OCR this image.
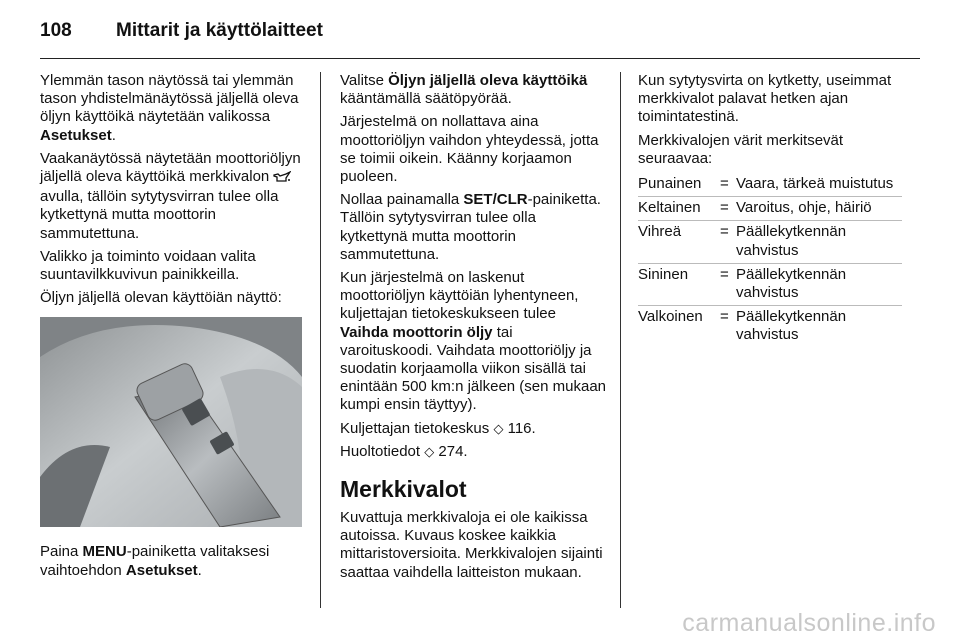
108 Mittarit ja käyttölaitteet

Ylemmän tason näytössä tai ylemmän tason yhdistelmänäytössä jäljellä oleva öljyn käyttöikä näytetään valikossa Asetukset.

Vaakanäytössä näytetään moottoriöljyn jäljellä oleva käyttöikä merkkivalon  avulla, tällöin sytytysvirran tulee olla kytkettynä mutta moottorin sammutettuna.

Valikko ja toiminto voidaan valita suuntavilkkuvivun painikkeilla.

Öljyn jäljellä olevan käyttöiän näyttö:

Paina MENU-painiketta valitaksesi vaihtoehdon Asetukset.

Valitse Öljyn jäljellä oleva käyttöikä kääntämällä säätöpyörää.

Järjestelmä on nollattava aina moottoriöljyn vaihdon yhteydessä, jotta se toimii oikein. Käänny korjaamon puoleen.

Nollaa painamalla SET/CLR-painiketta. Tällöin sytytysvirran tulee olla kytkettynä mutta moottorin sammutettuna.

Kun järjestelmä on laskenut moottoriöljyn käyttöiän lyhentyneen, kuljettajan tietokeskukseen tulee Vaihda moottorin öljy tai varoituskoodi. Vaihdata moottoriöljy ja suodatin korjaamolla viikon sisällä tai enintään 500 km:n jälkeen (sen mukaan kumpi ensin täyttyy).

Kuljettajan tietokeskus ◇ 116.

Huoltotiedot ◇ 274.

Merkkivalot

Kuvattuja merkkivaloja ei ole kaikissa autoissa. Kuvaus koskee kaikkia mittaristoversioita. Merkkivalojen sijainti saattaa vaihdella laitteiston mukaan.

Kun sytytysvirta on kytketty, useimmat merkkivalot palavat hetken ajan toimintatestinä.

Merkkivalojen värit merkitsevät seuraavaa:

Punainen	= Vaara, tärkeä muistutus
Keltainen	= Varoitus, ohje, häiriö
Vihreä	= Päällekytkennän vahvistus
Sininen	= Päällekytkennän vahvistus
Valkoinen	= Päällekytkennän vahvistus
carmanualsonline.info
